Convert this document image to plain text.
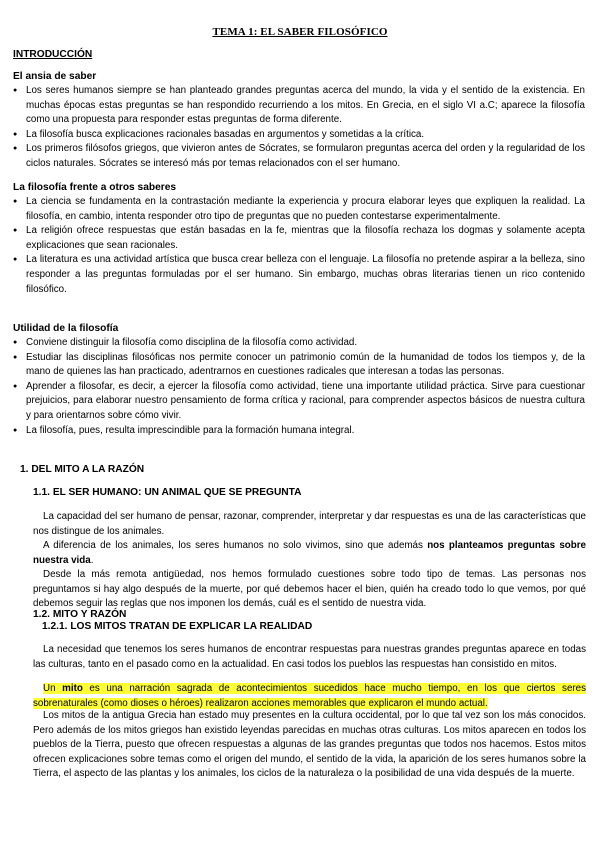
TEMA 1: EL SABER FILOSÓFICO
INTRODUCCIÓN
El ansia de saber
● Los seres humanos siempre se han planteado grandes preguntas acerca del mundo, la vida y el sentido de la existencia. En muchas épocas estas preguntas se han respondido recurriendo a los mitos. En Grecia, en el siglo VI a.C; aparece la filosofía como una propuesta para responder estas preguntas de forma diferente.
● La filosofía busca explicaciones racionales basadas en argumentos y sometidas a la crítica.
● Los primeros filósofos griegos, que vivieron antes de Sócrates, se formularon preguntas acerca del orden y la regularidad de los ciclos naturales. Sócrates se interesó más por temas relacionados con el ser humano.
La filosofía frente a otros saberes
● La ciencia se fundamenta en la contrastación mediante la experiencia y procura elaborar leyes que expliquen la realidad. La filosofía, en cambio, intenta responder otro tipo de preguntas que no pueden contestarse experimentalmente.
● La religión ofrece respuestas que están basadas en la fe, mientras que la filosofía rechaza los dogmas y solamente acepta explicaciones que sean racionales.
● La literatura es una actividad artística que busca crear belleza con el lenguaje. La filosofía no pretende aspirar a la belleza, sino responder a las preguntas formuladas por el ser humano. Sin embargo, muchas obras literarias tienen un rico contenido filosófico.
Utilidad de la filosofía
● Conviene distinguir la filosofía como disciplina de la filosofía como actividad.
● Estudiar las disciplinas filosóficas nos permite conocer un patrimonio común de la humanidad de todos los tiempos y, de la mano de quienes las han practicado, adentrarnos en cuestiones radicales que interesan a todas las personas.
● Aprender a filosofar, es decir, a ejercer la filosofía como actividad, tiene una importante utilidad práctica. Sirve para cuestionar prejuicios, para elaborar nuestro pensamiento de forma crítica y racional, para comprender aspectos básicos de nuestra cultura y para orientarnos sobre cómo vivir.
● La filosofía, pues, resulta imprescindible para la formación humana integral.
1. DEL MITO A LA RAZÓN
1.1. EL SER HUMANO: UN ANIMAL QUE SE PREGUNTA

La capacidad del ser humano de pensar, razonar, comprender, interpretar y dar respuestas es una de las características que nos distingue de los animales.

A diferencia de los animales, los seres humanos no solo vivimos, sino que además nos planteamos preguntas sobre nuestra vida.

Desde la más remota antigüedad, nos hemos formulado cuestiones sobre todo tipo de temas. Las personas nos preguntamos si hay algo después de la muerte, por qué debemos hacer el bien, quién ha creado todo lo que vemos, por qué debemos seguir las reglas que nos imponen los demás, cuál es el sentido de nuestra vida.

1.2. MITO Y RAZÓN
1.2.1. LOS MITOS TRATAN DE EXPLICAR LA REALIDAD

La necesidad que tenemos los seres humanos de encontrar respuestas para nuestras grandes preguntas aparece en todas las culturas, tanto en el pasado como en la actualidad. En casi todos los pueblos las respuestas han consistido en mitos.

Un mito es una narración sagrada de acontecimientos sucedidos hace mucho tiempo, en los que ciertos seres sobrenaturales (como dioses o héroes) realizaron acciones memorables que explicaron el mundo actual.

Los mitos de la antigua Grecia han estado muy presentes en la cultura occidental, por lo que tal vez son los más conocidos. Pero además de los mitos griegos han existido leyendas parecidas en muchas otras culturas. Los mitos aparecen en todos los pueblos de la Tierra, puesto que ofrecen respuestas a algunas de las grandes preguntas que todos nos hacemos. Estos mitos ofrecen explicaciones sobre temas como el origen del mundo, el sentido de la vida, la aparición de los seres humanos sobre la Tierra, el aspecto de las plantas y los animales, los ciclos de la naturaleza o la posibilidad de una vida después de la muerte.
